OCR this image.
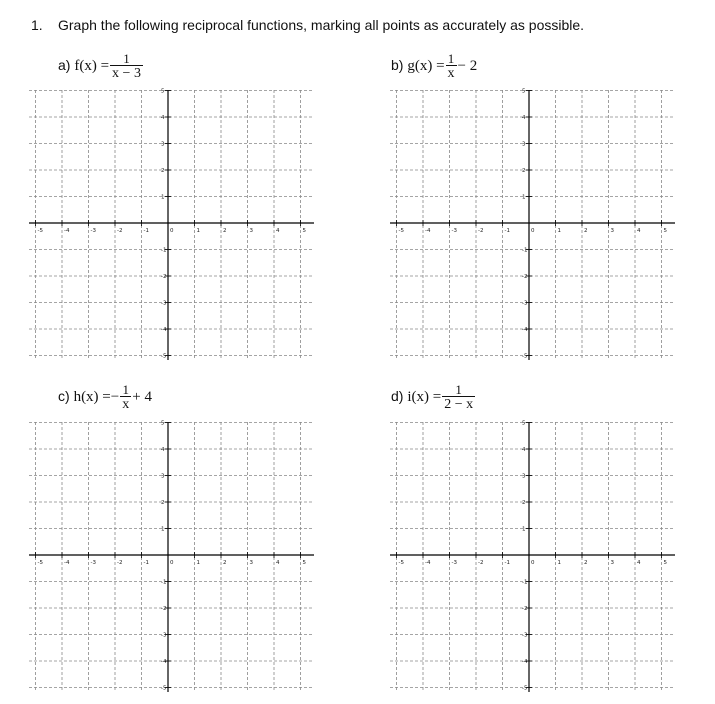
1. Graph the following reciprocal functions, marking all points as accurately as possible.
a) $f(x) = \frac{1}{x - 3}$	b) $g(x) = \frac{1}{x} - 2$
c) $h(x) =- \frac{1}{x} + 4$	d) $i(x) = \frac{1}{2 - x}$
-5	-4	-3	-2	-1	0	1	2	3	4	5
5
4
3
2
1
-1
-2
-3
-4
-5
-5	-4	-3	-2	-1	0	1	2	3	4	5
5
4
3
2
1
-1
-2
-3
-4
-5
-5	-4	-3	-2	-1	0	1	2	3	4	5
5
4
3
2
1
-1
-2
-3
-4
-5
-5	-4	-3	-2	-1	0	1	2	3	4	5
5
4
3
2
1
-1
-2
-3
-4
-5
